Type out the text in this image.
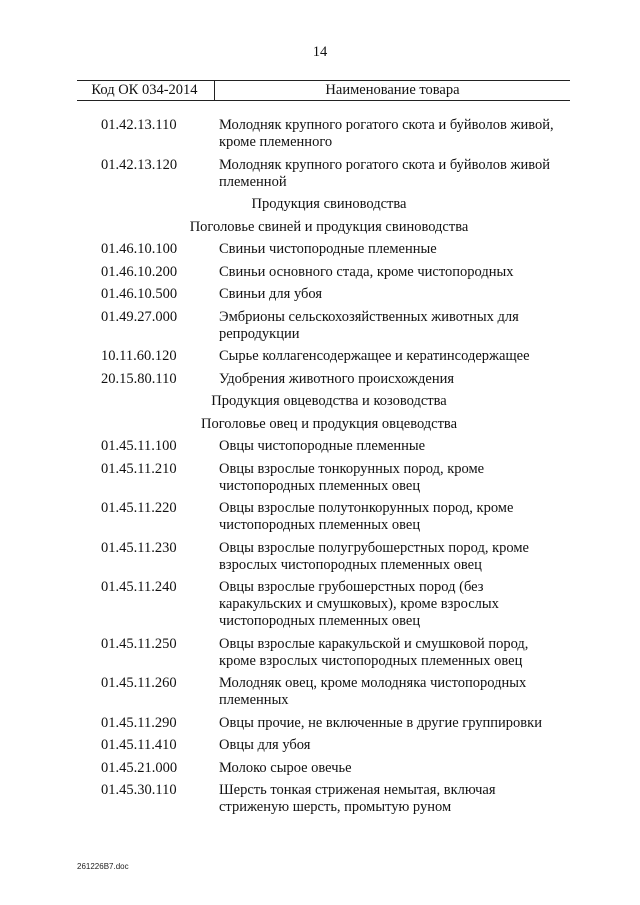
14
Код ОК 034-2014	Наименование товара
01.42.13.110	Молодняк крупного рогатого скота и буйволов живой, кроме племенного
01.42.13.120	Молодняк крупного рогатого скота и буйволов живой племенной
Продукция свиноводства
Поголовье свиней и продукция свиноводства
01.46.10.100	Свиньи чистопородные племенные
01.46.10.200	Свиньи основного стада, кроме чистопородных
01.46.10.500	Свиньи для убоя
01.49.27.000	Эмбрионы сельскохозяйственных животных для репродукции
10.11.60.120	Сырье коллагенсодержащее и кератинсодержащее
20.15.80.110	Удобрения животного происхождения
Продукция овцеводства и козоводства
Поголовье овец и продукция овцеводства
01.45.11.100	Овцы чистопородные племенные
01.45.11.210	Овцы взрослые тонкорунных пород, кроме чистопородных племенных овец
01.45.11.220	Овцы взрослые полутонкорунных пород, кроме чистопородных племенных овец
01.45.11.230	Овцы взрослые полугрубошерстных пород, кроме взрослых чистопородных племенных овец
01.45.11.240	Овцы взрослые грубошерстных пород (без каракульских и смушковых), кроме взрослых чистопородных племенных овец
01.45.11.250	Овцы взрослые каракульской и смушковой пород, кроме взрослых чистопородных племенных овец
01.45.11.260	Молодняк овец, кроме молодняка чистопородных племенных
01.45.11.290	Овцы прочие, не включенные в другие группировки
01.45.11.410	Овцы для убоя
01.45.21.000	Молоко сырое овечье
01.45.30.110	Шерсть тонкая стриженая немытая, включая стриженую шерсть, промытую руном
261226B7.doc
